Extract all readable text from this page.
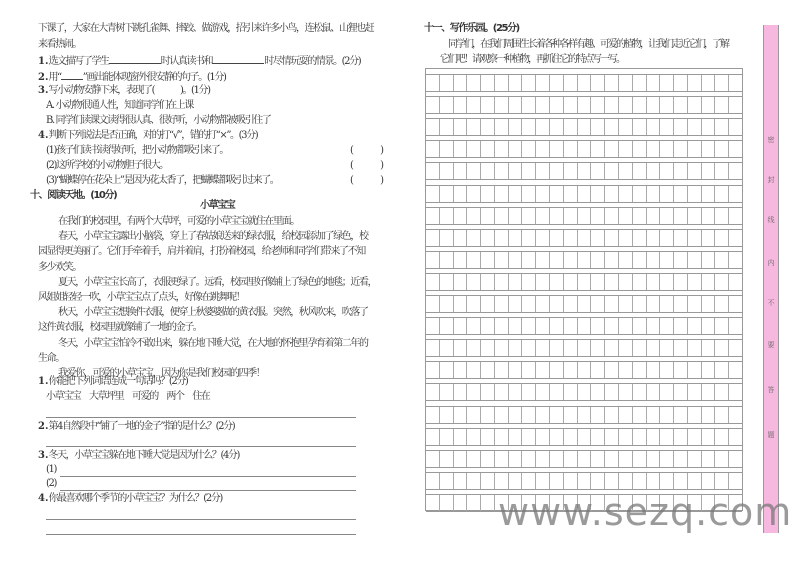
下课了，大家在大青树下跳孔雀舞、摔跤、做游戏，招引来许多小鸟，连松鼠、山狸也赶
来看热闹。
1.选文描写了学生	时认真读书和	时尽情玩耍的情景。(2分)
2.用“ ”画出能体现窗外很安静的句子。(1分)
3.写小动物安静下来，表现了(　　　)。(1分)
A. 小动物很通人性，知道同学们在上课
B. 同学们读课文读得很认真、很好听，小动物都被吸引住了
4.判断下列说法是否正确，对的打“√”，错的打“×”。(3分)
(1)孩子们读书读得好听，把小动物都吸引来了。	(	)
(2)这所学校的小动物胆子很大。	(	)
(3)“蝴蝶停在花朵上”是因为花太香了，把蝴蝶都吸引过来了。	(	)
十、阅读天地。(10分)
小草宝宝
在我们的校园里，有两个大草坪，可爱的小草宝宝就住在里面。
春天，小草宝宝露出小脑袋，穿上了春姑娘送来的绿衣服，给校园添加了绿色，校
园显得更美丽了。它们手牵着手，肩并着肩，打扮着校园，给老师和同学们带来了不知
多少欢笑。
夏天，小草宝宝长高了，衣服更绿了。远看，校园里好像铺上了绿色的地毯；近看，
风姐姐轻轻一吹，小草宝宝点了点头，好像在跳舞呢！
秋天，小草宝宝想换件衣服，便穿上秋婆婆做的黄衣服。突然，秋风吹来，吹落了
这件黄衣服，校园里就像铺了一地的金子。
冬天，小草宝宝怕冷不敢出来，躲在地下睡大觉，在大地的怀抱里孕育着第二年的
生命。
我爱你，可爱的小草宝宝，因为你是我们校园的四季！
1.你能把下列词语连成一句话吗？(2分)
小草宝宝　大草坪里　可爱的　两个　住在
2.第4自然段中“铺了一地的金子”指的是什么？(2分)
3.冬天，小草宝宝躲在地下睡大觉是因为什么？(4分)
(1)
(2)
4.你最喜欢哪个季节的小草宝宝？为什么？(2分)
十一、写作乐园。(25分)
同学们，在我们周围生长着各种各样有趣、可爱的植物，让我们走近它们，了解
它们吧！请观察一种植物，再抓住它的特点写一写。
密
封
线
内
不
要
答
题
www.sezq.com
